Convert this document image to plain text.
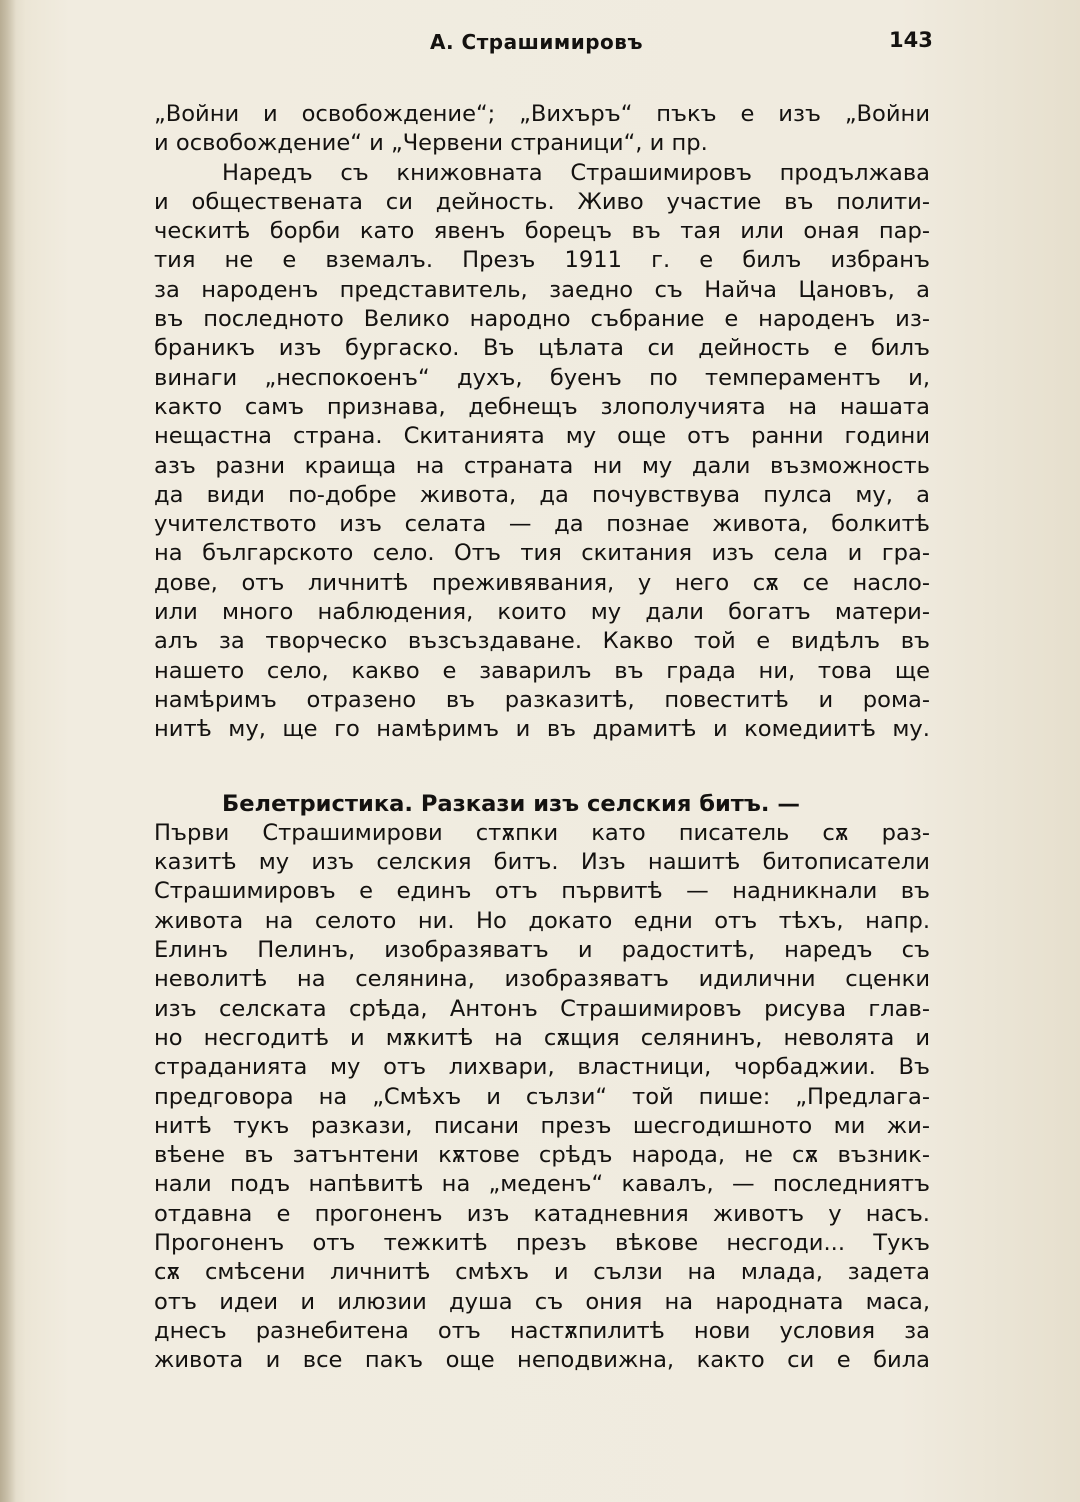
А. Страшимировъ	143
„Войни и освобождение“; „Вихъръ“ пъкъ е изъ „Войни
и освобождение“ и „Червени страници“, и пр.
Наредъ съ книжовната Страшимировъ продължава
и обществената си дейность. Живо участие въ полити-
ческитѣ борби като явенъ борецъ въ тая или оная пар-
тия не е вземалъ. Презъ 1911 г. е билъ избранъ
за народенъ представитель, заедно съ Найча Цановъ, а
въ последното Велико народно събрание е народенъ из-
браникъ изъ бургаско. Въ цѣлата си дейность е билъ
винаги „неспокоенъ“ духъ, буенъ по темпераментъ и,
както самъ признава, дебнещъ злополучията на нашата
нещастна страна. Скитанията му още отъ ранни години
азъ разни краища на страната ни му дали възможность
да види по-добре живота, да почувствува пулса му, а
учителството изъ селата — да познае живота, болкитѣ
на българското село. Отъ тия скитания изъ села и гра-
дове, отъ личнитѣ преживявания, у него сѫ се насло-
или много наблюдения, които му дали богатъ матери-
алъ за творческо възсъздаване. Какво той е видѣлъ въ
нашето село, какво е заварилъ въ града ни, това ще
намѣримъ отразено въ разказитѣ, повеститѣ и рома-
нитѣ му, ще го намѣримъ и въ драмитѣ и комедиитѣ му.
Белетристика. Разкази изъ селския битъ. —
Първи Страшимирови стѫпки като писатель сѫ раз-
казитѣ му изъ селския битъ. Изъ нашитѣ битописатели
Страшимировъ е единъ отъ първитѣ — надникнали въ
живота на селото ни. Но докато едни отъ тѣхъ, напр.
Елинъ Пелинъ, изобразяватъ и радоститѣ, наредъ съ
неволитѣ на селянина, изобразяватъ идилични сценки
изъ селската срѣда, Антонъ Страшимировъ рисува глав-
но несгодитѣ и мѫкитѣ на сѫщия селянинъ, неволята и
страданията му отъ лихвари, властници, чорбаджии. Въ
предговора на „Смѣхъ и сълзи“ той пише: „Предлага-
нитѣ тукъ разкази, писани презъ шесгодишното ми жи-
вѣене въ затънтени кѫтове срѣдъ народа, не сѫ възник-
нали подъ напѣвитѣ на „меденъ“ кавалъ, — последниятъ
отдавна е прогоненъ изъ катадневния животъ у насъ.
Прогоненъ отъ тежкитѣ презъ вѣкове несгоди... Тукъ
сѫ смѣсени личнитѣ смѣхъ и сълзи на млада, задета
отъ идеи и илюзии душа съ ония на народната маса,
днесъ разнебитена отъ настѫпилитѣ нови условия за
живота и все пакъ още неподвижна, както си е била
